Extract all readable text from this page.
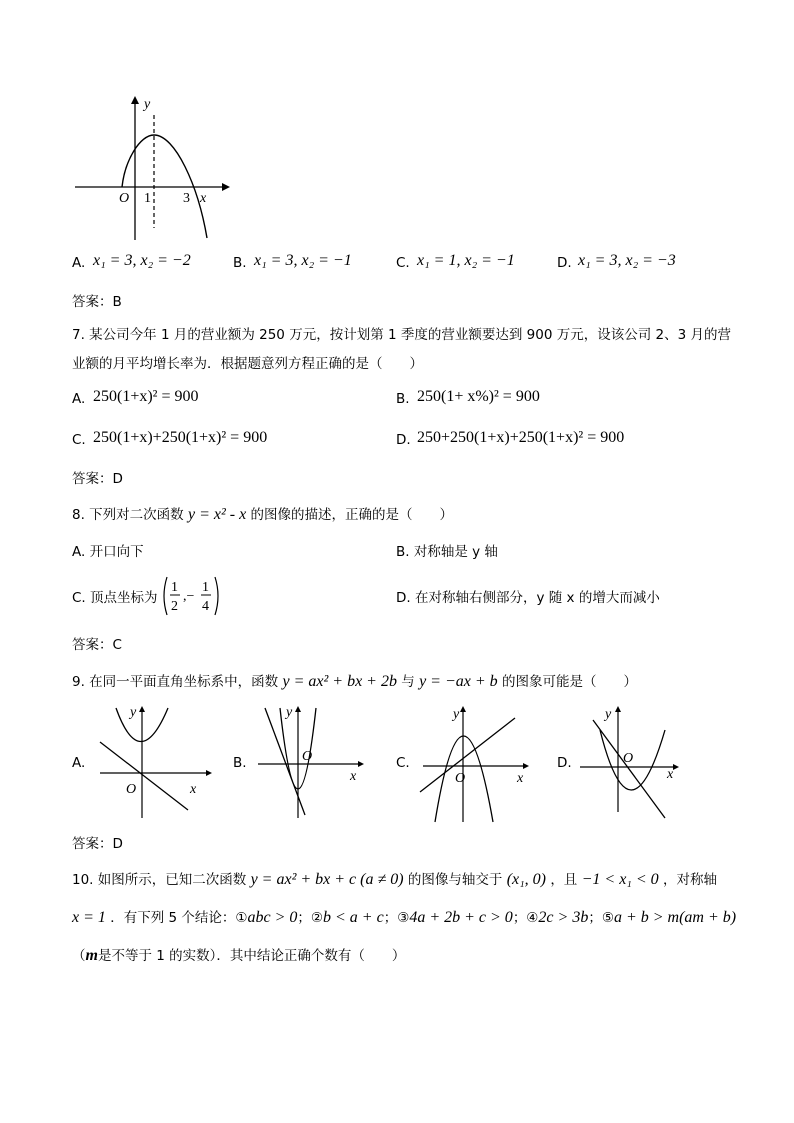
y
x
O 1 3
A. x₁ = 3, x₂ = −2	B. x₁ = 3, x₂ = −1	C. x₁ = 1, x₂ = −1	D. x₁ = 3, x₂ = −3
答案：B
7. 某公司今年 1 月的营业额为 250 万元，按计划第 1 季度的营业额要达到 900 万元，设该公司 2、3 月的营
业额的月平均增长率为．根据题意列方程正确的是（　　）
A. 250(1+x)² = 900	B. 250(1+ x%)² = 900
C. 250(1+x)+250(1+x)² = 900	D. 250+250(1+x)+250(1+x)² = 900
答案：D
8. 下列对二次函数 y = x² - x 的图像的描述，正确的是（　　）
A. 开口向下	B. 对称轴是 y 轴
C. 顶点坐标为
1
2
,−
1
4
D. 在对称轴右侧部分，y 随 x 的增大而减小
答案：C
9. 在同一平面直角坐标系中，函数 y = ax² + bx + 2b 与 y = −ax + b 的图象可能是（　　）
A.
y
x
O
B.
y
x
O	C.
y
x
O
D.
y
x
O
答案：D
10. 如图所示，已知二次函数 y = ax² + bx + c (a ≠ 0) 的图像与轴交于 (x₁, 0) ，且 −1 < x₁ < 0 ，对称轴
x = 1 ．有下列 5 个结论：①abc > 0；②b < a + c；③4a + 2b + c > 0；④2c > 3b；⑤a + b > m(am + b)
（m是不等于 1 的实数）．其中结论正确个数有（　　）
